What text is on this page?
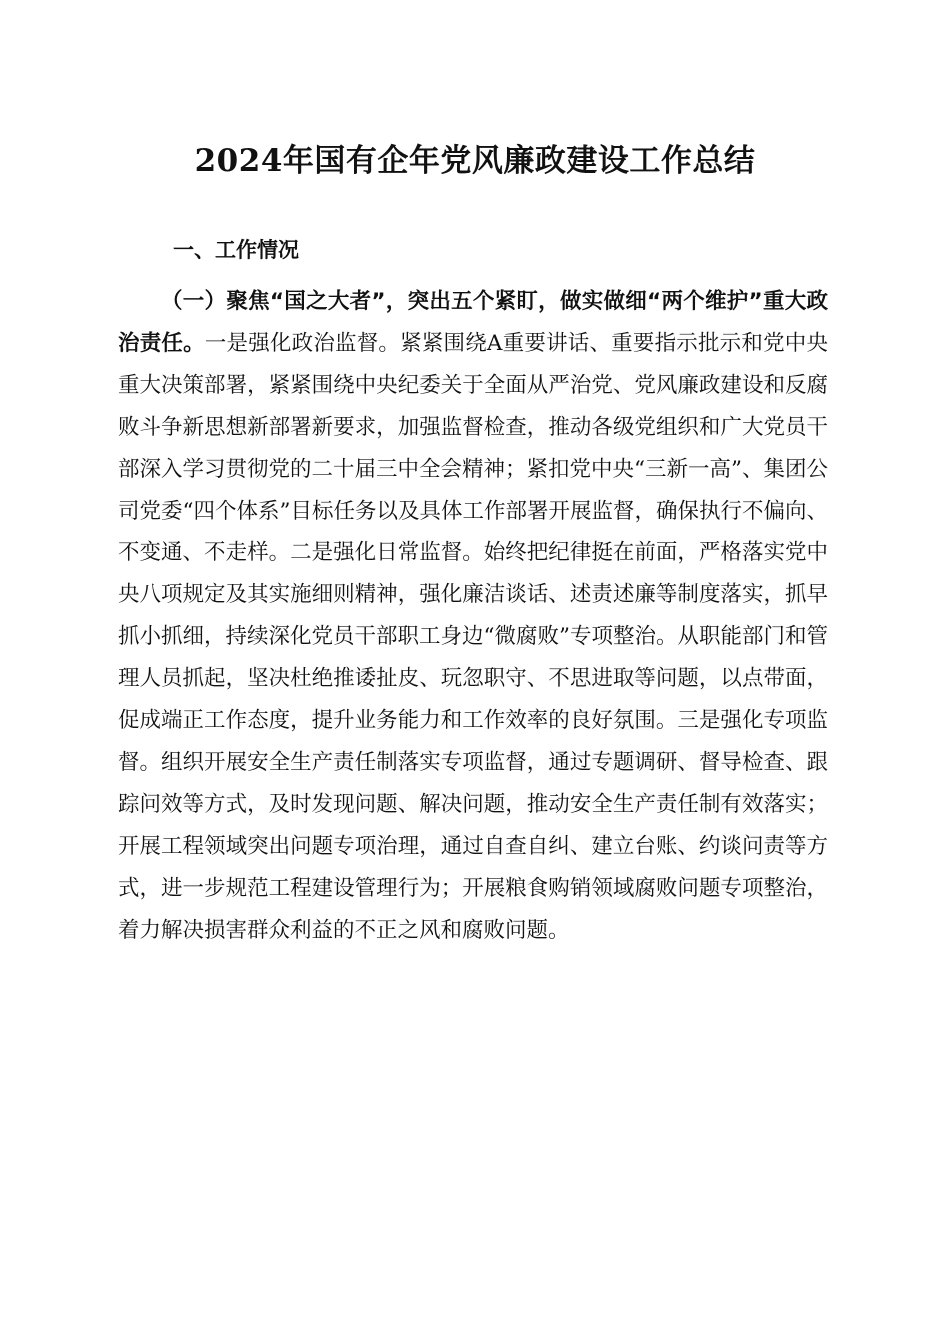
2024年国有企年党风廉政建设工作总结
一、工作情况

（一）聚焦“国之大者”，突出五个紧盯，做实做细“两个维护”重大政治责任。一是强化政治监督。紧紧围绕A重要讲话、重要指示批示和党中央重大决策部署，紧紧围绕中央纪委关于全面从严治党、党风廉政建设和反腐败斗争新思想新部署新要求，加强监督检查，推动各级党组织和广大党员干部深入学习贯彻党的二十届三中全会精神；紧扣党中央“三新一高”、集团公司党委“四个体系”目标任务以及具体工作部署开展监督，确保执行不偏向、不变通、不走样。二是强化日常监督。始终把纪律挺在前面，严格落实党中央八项规定及其实施细则精神，强化廉洁谈话、述责述廉等制度落实，抓早抓小抓细，持续深化党员干部职工身边“微腐败”专项整治。从职能部门和管理人员抓起，坚决杜绝推诿扯皮、玩忽职守、不思进取等问题，以点带面，促成端正工作态度，提升业务能力和工作效率的良好氛围。三是强化专项监督。组织开展安全生产责任制落实专项监督，通过专题调研、督导检查、跟踪问效等方式，及时发现问题、解决问题，推动安全生产责任制有效落实；开展工程领域突出问题专项治理，通过自查自纠、建立台账、约谈问责等方式，进一步规范工程建设管理行为；开展粮食购销领域腐败问题专项整治，着力解决损害群众利益的不正之风和腐败问题。
